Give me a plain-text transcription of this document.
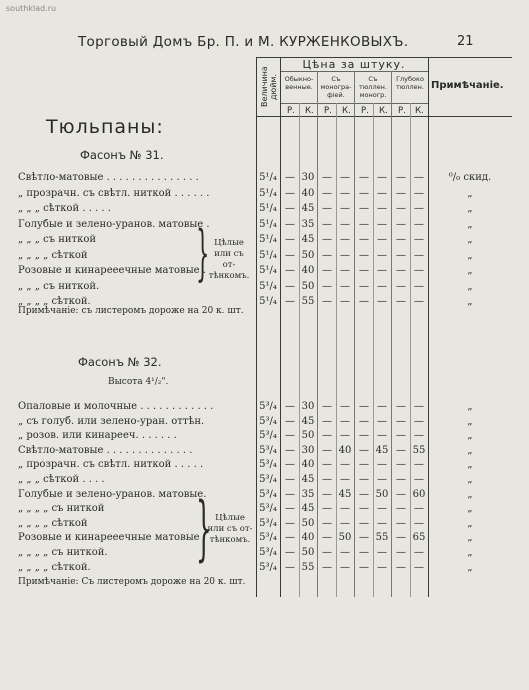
southklad.ru
Торговый Домъ Бр. П. и М. КУРЖЕНКОВЫХЪ.	21
Величина дюйм.
Цѣна за штуку.
Обыкно-венные.
Съ моногра-фіей.
Съ тюллен. моногр.
Глубоко тюллен. Примѣчаніе.
Р. К. Р. К. Р. К. Р. К.
Тюльпаны:
Фасонъ № 31.
Свѣтло-матовые . . . . . . . . . . . . . . .	5¹/₄ — 30 — — — — — —	⁰/₀ скид.
„ прозрачн. съ свѣтл. ниткой . . . . . .	5¹/₄ — 40 — — — — — —	„
„ „ „ сѣткой . . . . .	5¹/₄ — 45 — — — — — —	„
Голубые и зелено-уранов. матовые .	5¹/₄ — 35 — — — — — —	„
„ „ „ съ ниткой	5¹/₄ — 45 — — — — — —	„
„ „ „ „ сѣткой	5¹/₄ — 50 — — — — — —	„
Розовые и кинарееечные матовые .	5¹/₄ — 40 — — — — — —	„
„ „ „ съ ниткой.	5¹/₄ — 50 — — — — — —	„
„ „ „ „ сѣткой.	5¹/₄ — 55 — — — — — —	„
} Цѣлые
или съ от-
тѣнкомъ.
Примѣчаніе: съ листеромъ дороже на 20 к. шт.
Фасонъ № 32.
Высота 4¹/₂".
Опаловые и молочные . . . . . . . . . . . .	5³/₄ — 30 — — — — — —	„
„ съ голуб. или зелено-уран. оттѣн.	5³/₄ — 45 — — — — — —	„
„ розов. или кинарееч. . . . . . .	5³/₄ — 50 — — — — — —	„
Свѣтло-матовые . . . . . . . . . . . . . .	5³/₄ — 30 — 40 — 45 — 55	„
„ прозрачн. съ свѣтл. ниткой . . . . .	5³/₄ — 40 — — — — — —	„
„ „ „ сѣткой . . . .	5³/₄ — 45 — — — — — —	„
Голубые и зелено-уранов. матовые.	5³/₄ — 35 — 45 — 50 — 60	„
„ „ „ „ съ ниткой	5³/₄ — 45 — — — — — —	„
„ „ „ „ сѣткой	5³/₄ — 50 — — — — — —	„
Розовые и кинарееечные матовые .	5³/₄ — 40 — 50 — 55 — 65	„
„ „ „ „ съ ниткой.	5³/₄ — 50 — — — — — —	„
„ „ „ „ сѣткой.	5³/₄ — 55 — — — — — —	„
} Цѣлые
или съ от-
тѣнкомъ.
Примѣчаніе: Съ листеромъ дороже на 20 к. шт.
